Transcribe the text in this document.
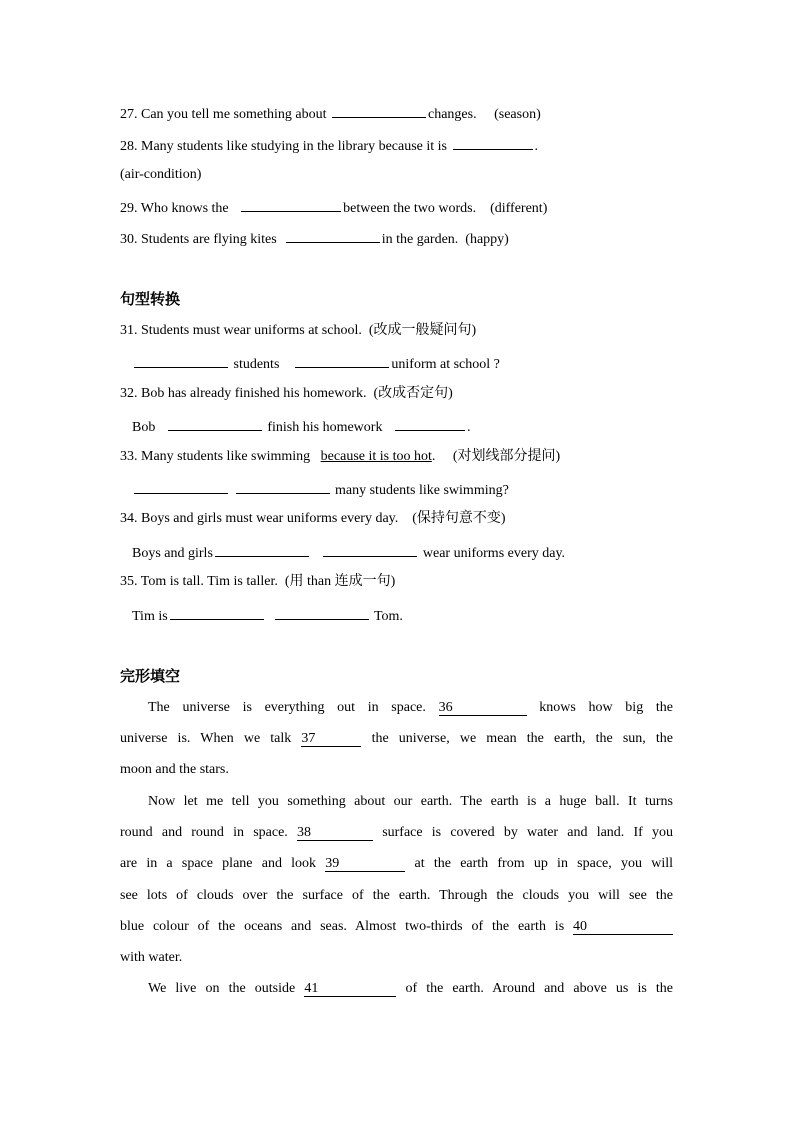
27. Can you tell me something about	changes. (season)
28. Many students like studying in the library because it is	.
(air-condition)
29. Who knows the	between the two words. (different)
30. Students are flying kites	in the garden. (happy)
句型转换
31. Students must wear uniforms at school. (改成一般疑问句)
students	uniform at school ?
32. Bob has already finished his homework. (改成否定句)
Bob	finish his homework	.
33. Many students like swimming because it is too hot. (对划线部分提问)
many students like swimming?
34. Boys and girls must wear uniforms every day. (保持句意不变)
Boys and girls	wear uniforms every day.
35. Tom is tall. Tim is taller. (用 than 连成一句)
Tim is	Tom.
完形填空
The universe is everything out in space. 36	knows how big the
universe is. When we talk 37	the universe, we mean the earth, the sun, the
moon and the stars.
Now let me tell you something about our earth. The earth is a huge ball. It turns
round and round in space. 38	surface is covered by water and land. If you
are in a space plane and look 39	at the earth from up in space, you will
see lots of clouds over the surface of the earth. Through the clouds you will see the
blue colour of the oceans and seas. Almost two-thirds of the earth is 40
with water.
We live on the outside 41	of the earth. Around and above us is the
